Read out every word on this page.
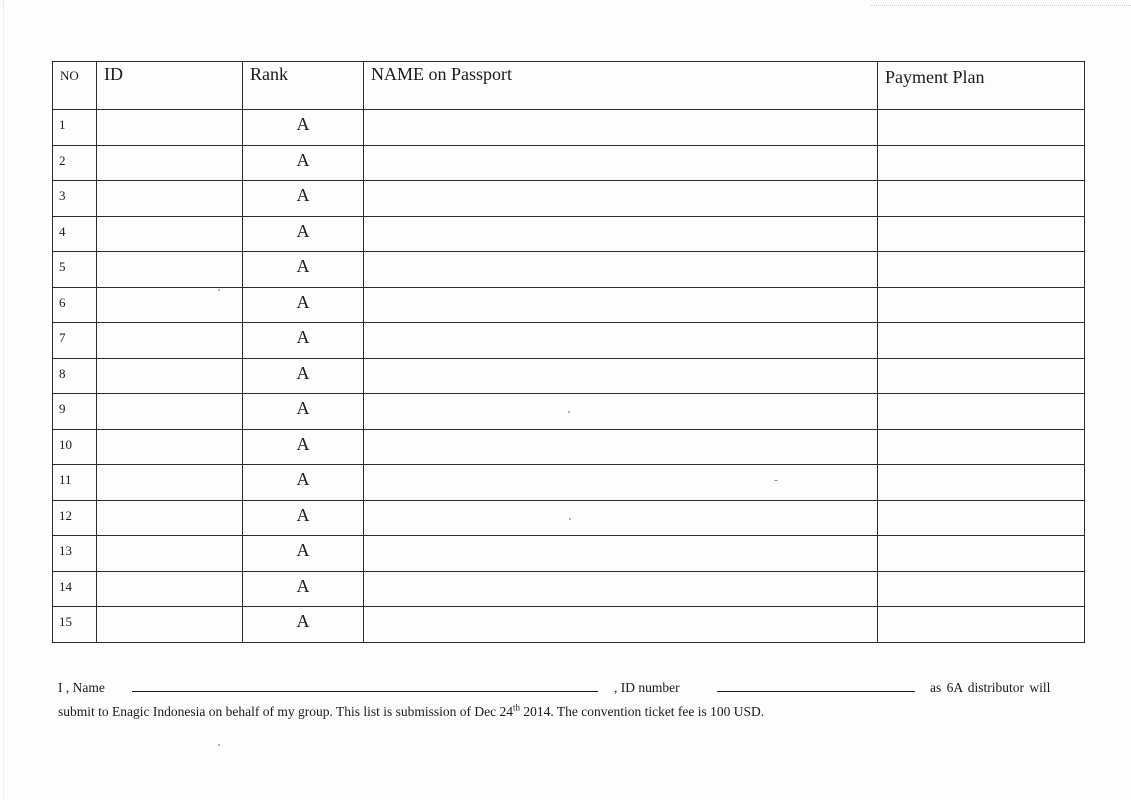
NO	ID	Rank	NAME on Passport	Payment Plan

1		A		

2		A		

3		A		

4		A		

5		A		

6		A		

7		A		

8		A		

9		A		

10		A		

11		A		

12		A		

13		A		

14		A		

15		A		

I , Name	, ID number	as 6A distributor will
submit to Enagic Indonesia on behalf of my group. This list is submission of Dec 24th 2014. The convention ticket fee is 100 USD.
